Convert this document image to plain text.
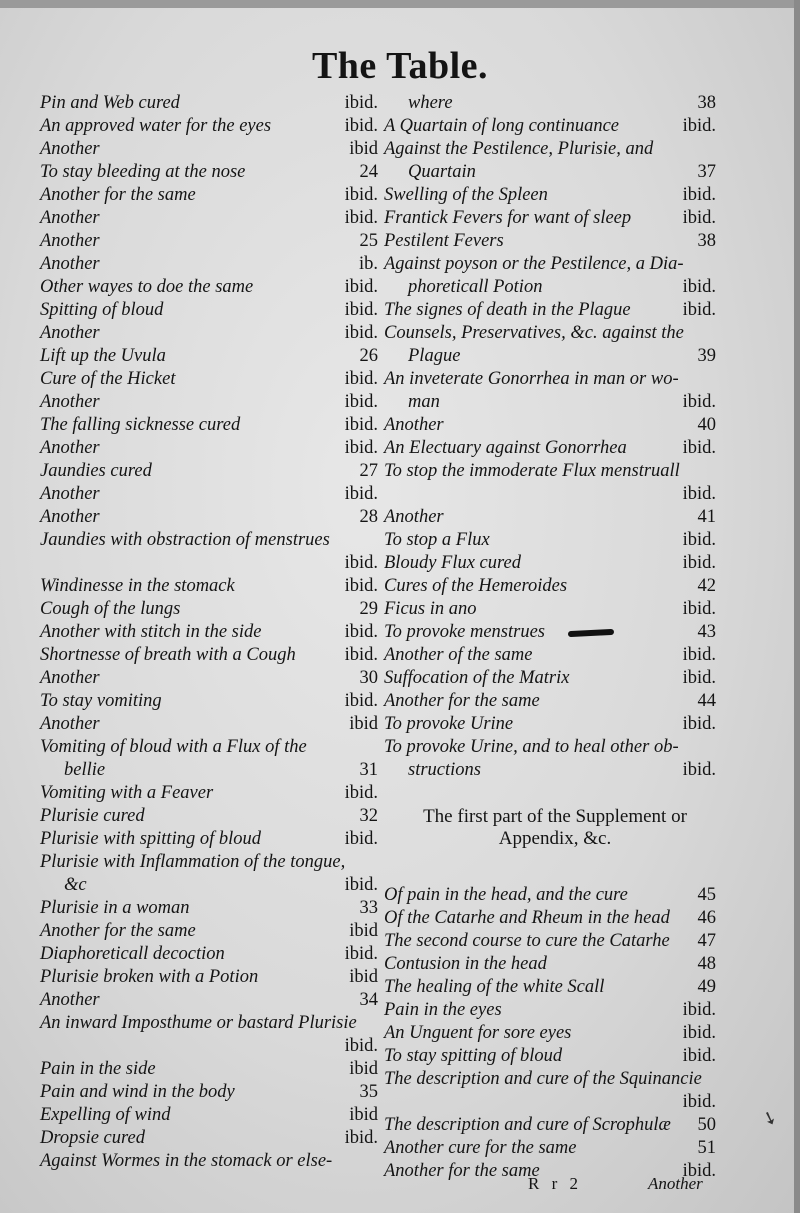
The Table.
Pin and Web cured	ibid.
An approved water for the eyes	ibid.
Another	ibid
To stay bleeding at the nose	24
Another for the same	ibid.
Another	ibid.
Another	25
Another	ib.
Other wayes to doe the same	ibid.
Spitting of bloud	ibid.
Another	ibid.
Lift up the Uvula	26
Cure of the Hicket	ibid.
Another	ibid.
The falling sicknesse cured	ibid.
Another	ibid.
Jaundies cured	27
Another	ibid.
Another	28
Jaundies with obstraction of menstrues
ibid.
Windinesse in the stomack	ibid.
Cough of the lungs	29
Another with stitch in the side	ibid.
Shortnesse of breath with a Cough	ibid.
Another	30
To stay vomiting	ibid.
Another	ibid
Vomiting of bloud with a Flux of the
bellie	31
Vomiting with a Feaver	ibid.
Plurisie cured	32
Plurisie with spitting of bloud	ibid.
Plurisie with Inflammation of the tongue,
&c	ibid.
Plurisie in a woman	33
Another for the same	ibid
Diaphoreticall decoction	ibid.
Plurisie broken with a Potion	ibid
Another	34
An inward Imposthume or bastard Plurisie
ibid.
Pain in the side	ibid
Pain and wind in the body	35
Expelling of wind	ibid
Dropsie cured	ibid.
Against Wormes in the stomack or else-
where	38
A Quartain of long continuance	ibid.
Against the Pestilence, Plurisie, and
Quartain	37
Swelling of the Spleen	ibid.
Frantick Fevers for want of sleep	ibid.
Pestilent Fevers	38
Against poyson or the Pestilence, a Dia-
phoreticall Potion	ibid.
The signes of death in the Plague	ibid.
Counsels, Preservatives, &c. against the
Plague	39
An inveterate Gonorrhea in man or wo-
man	ibid.
Another	40
An Electuary against Gonorrhea	ibid.
To stop the immoderate Flux menstruall
ibid.
Another	41
To stop a Flux	ibid.
Bloudy Flux cured	ibid.
Cures of the Hemeroides	42
Ficus in ano	ibid.
To provoke menstrues	43
Another of the same	ibid.
Suffocation of the Matrix	ibid.
Another for the same	44
To provoke Urine	ibid.
To provoke Urine, and to heal other ob-
structions	ibid.
The first part of the Supplement or Appendix, &c.
Of pain in the head, and the cure	45
Of the Catarhe and Rheum in the head 46
The second course to cure the Catarhe 47
Contusion in the head	48
The healing of the white Scall	49
Pain in the eyes	ibid.
An Unguent for sore eyes	ibid.
To stay spitting of bloud	ibid.
The description and cure of the Squinancie
ibid.
The description and cure of Scrophulæ 50
Another cure for the same	51
Another for the same	ibid.
➘
R r 2	Another
